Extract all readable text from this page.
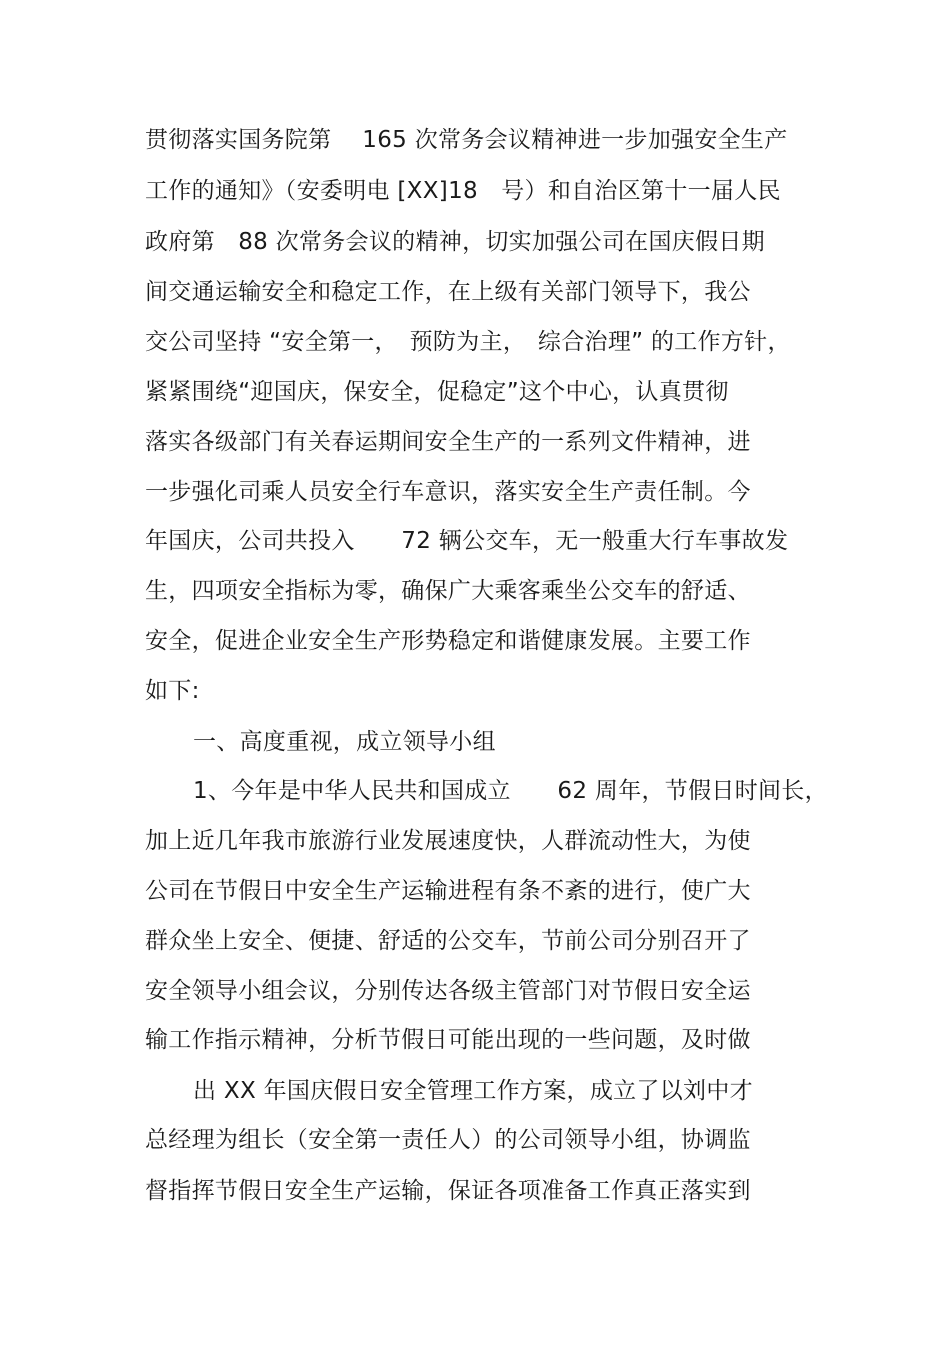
贯彻落实国务院第　 165 次常务会议精神进一步加强安全生产
工作的通知》（安委明电 [XX]18　号）和自治区第十一届人民
政府第　88 次常务会议的精神，切实加强公司在国庆假日期
间交通运输安全和稳定工作，在上级有关部门领导下，我公
交公司坚持 “安全第一，　预防为主，　综合治理” 的工作方针，
紧紧围绕“迎国庆，保安全，促稳定”这个中心，认真贯彻
落实各级部门有关春运期间安全生产的一系列文件精神，进
一步强化司乘人员安全行车意识，落实安全生产责任制。今
年国庆，公司共投入　　72 辆公交车，无一般重大行车事故发
生，四项安全指标为零，确保广大乘客乘坐公交车的舒适、
安全，促进企业安全生产形势稳定和谐健康发展。主要工作
如下:
一、高度重视，成立领导小组
1、今年是中华人民共和国成立　　62 周年，节假日时间长，
加上近几年我市旅游行业发展速度快，人群流动性大，为使
公司在节假日中安全生产运输进程有条不紊的进行，使广大
群众坐上安全、便捷、舒适的公交车，节前公司分别召开了
安全领导小组会议，分别传达各级主管部门对节假日安全运
输工作指示精神，分析节假日可能出现的一些问题，及时做
出 XX 年国庆假日安全管理工作方案，成立了以刘中才
总经理为组长（安全第一责任人）的公司领导小组，协调监
督指挥节假日安全生产运输，保证各项准备工作真正落实到
